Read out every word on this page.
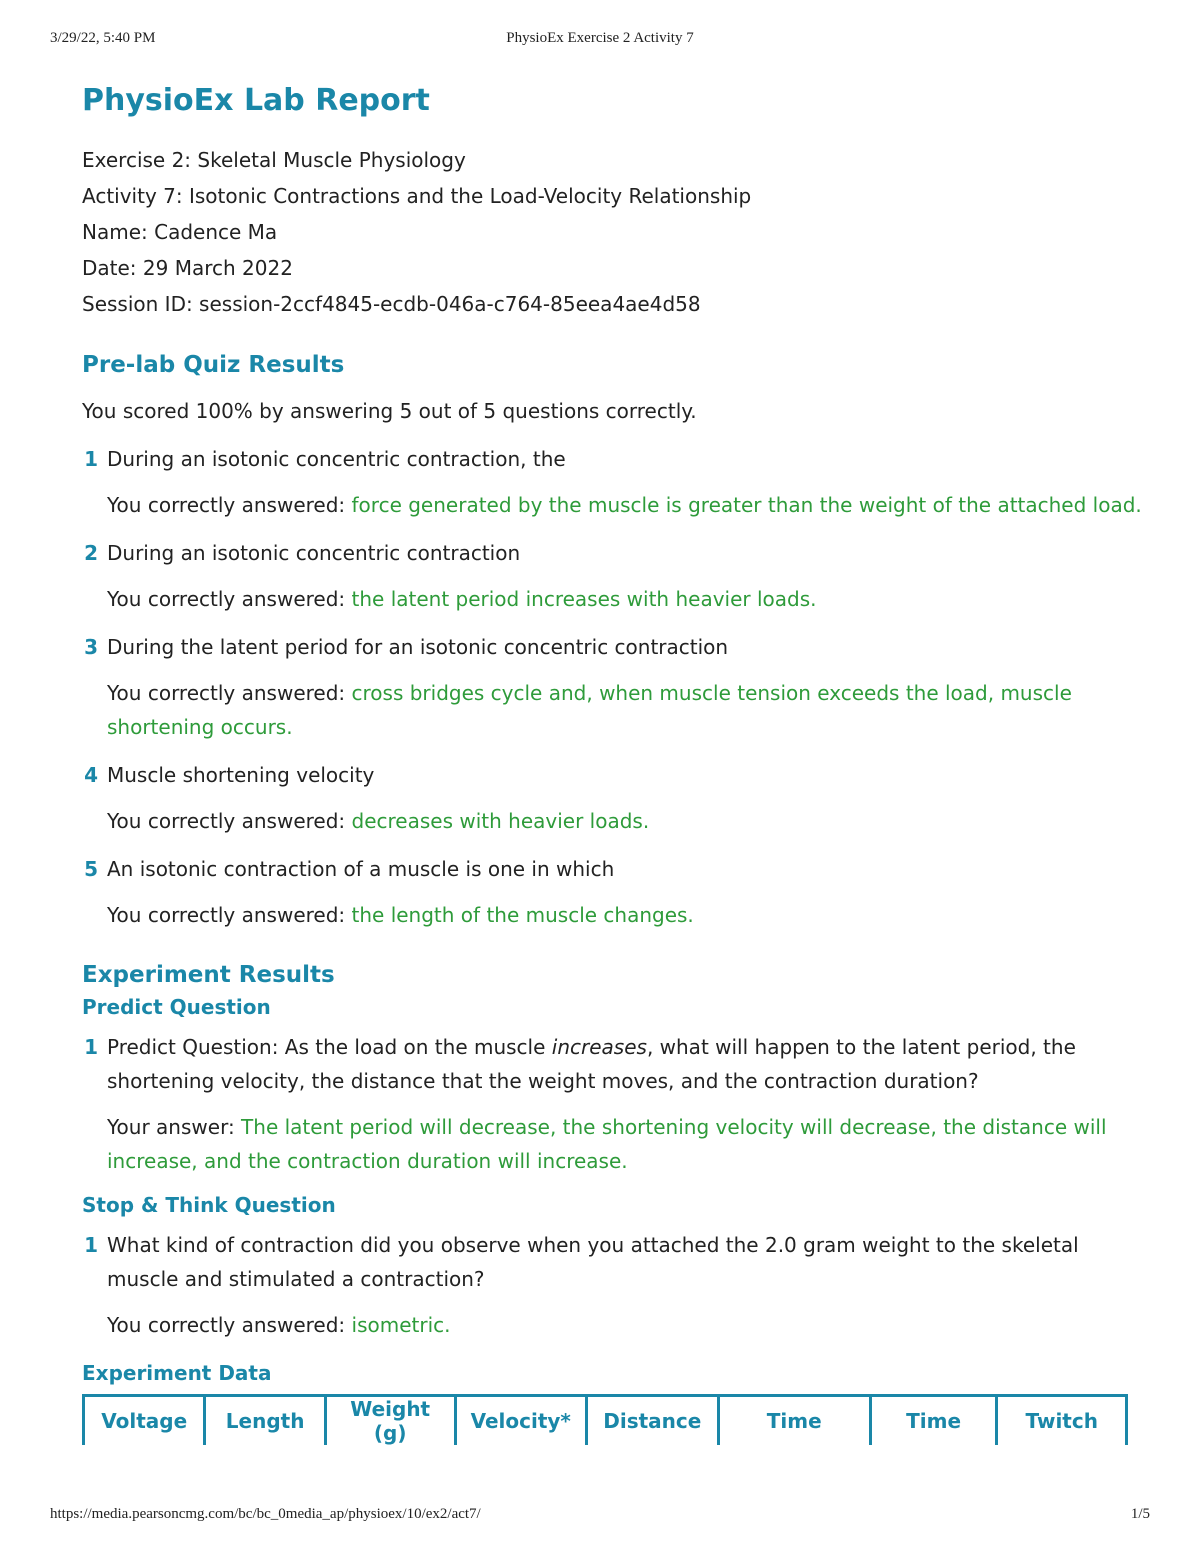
3/29/22, 5:40 PM	PhysioEx Exercise 2 Activity 7
PhysioEx Lab Report
Exercise 2: Skeletal Muscle Physiology
Activity 7: Isotonic Contractions and the Load-Velocity Relationship
Name: Cadence Ma
Date: 29 March 2022
Session ID: session-2ccf4845-ecdb-046a-c764-85eea4ae4d58
Pre-lab Quiz Results
You scored 100% by answering 5 out of 5 questions correctly.
1 During an isotonic concentric contraction, the
You correctly answered: force generated by the muscle is greater than the weight of the attached load.
2 During an isotonic concentric contraction
You correctly answered: the latent period increases with heavier loads.
3 During the latent period for an isotonic concentric contraction
You correctly answered: cross bridges cycle and, when muscle tension exceeds the load, muscle shortening occurs.
4 Muscle shortening velocity
You correctly answered: decreases with heavier loads.
5 An isotonic contraction of a muscle is one in which
You correctly answered: the length of the muscle changes.
Experiment Results
Predict Question
1 Predict Question: As the load on the muscle increases, what will happen to the latent period, the shortening velocity, the distance that the weight moves, and the contraction duration?
Your answer: The latent period will decrease, the shortening velocity will decrease, the distance will increase, and the contraction duration will increase.
Stop & Think Question
1 What kind of contraction did you observe when you attached the 2.0 gram weight to the skeletal muscle and stimulated a contraction?
You correctly answered: isometric.
Experiment Data
Voltage	Length	Weight (g)	Velocity*	Distance	Time	Time	Twitch
https://media.pearsoncmg.com/bc/bc_0media_ap/physioex/10/ex2/act7/	1/5
